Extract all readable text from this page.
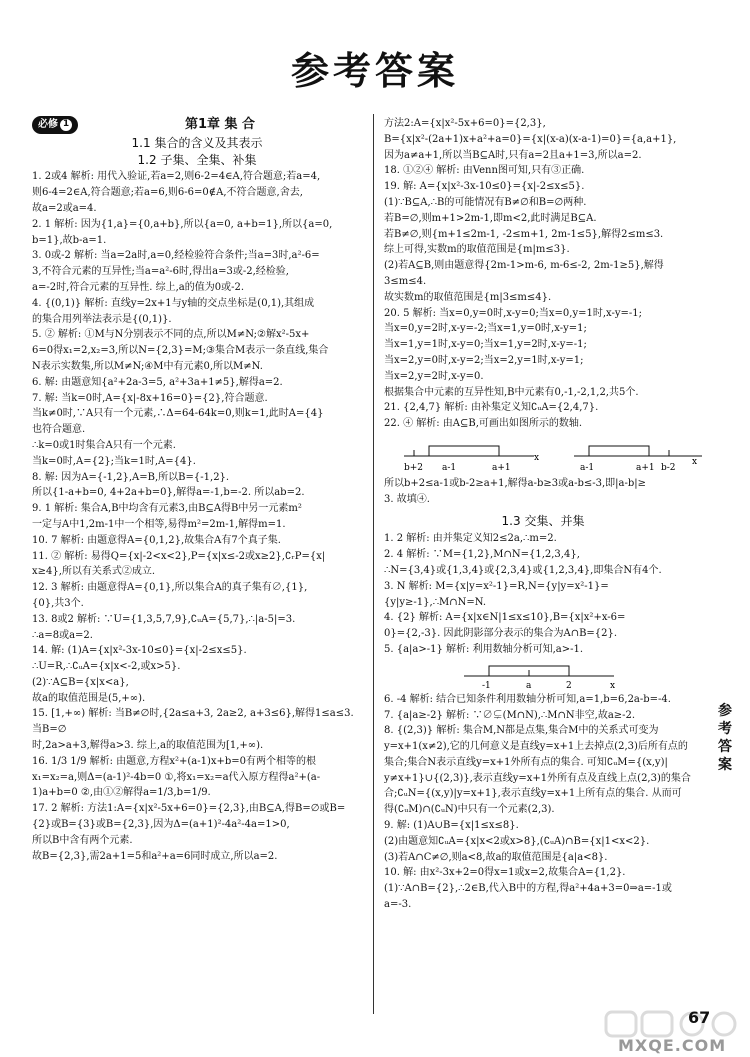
参考答案
必修 1	第1章 集 合
1.1 集合的含义及其表示
1.2 子集、全集、补集

1. 2或4 解析: 用代入验证,若a=2,则6-2=4∈A,符合题意;若a=4,

则6-4=2∈A,符合题意;若a=6,则6-6=0∉A,不符合题意,舍去,

故a=2或a=4.

2. 1 解析: 因为{1,a}={0,a+b},所以{a=0, a+b=1},所以{a=0, b=1},故b-a=1.

3. 0或-2 解析: 当a=2a时,a=0,经检验符合条件;当a=3时,a²-6=

3,不符合元素的互异性;当a=a²-6时,得出a=3或-2,经检验,

a=-2时,符合元素的互异性. 综上,a的值为0或-2.

4. {(0,1)} 解析: 直线y=2x+1与y轴的交点坐标是(0,1),其组成

的集合用列举法表示是{(0,1)}.

5. ② 解析: ①M与N分别表示不同的点,所以M≠N;②解x²-5x+

6=0得x₁=2,x₂=3,所以N={2,3}=M;③集合M表示一条直线,集合

N表示实数集,所以M≠N;④M中有元素0,所以M≠N.

6. 解: 由题意知{a²+2a-3=5, a²+3a+1≠5},解得a=2.

7. 解: 当k=0时,A={x|-8x+16=0}={2},符合题意.

当k≠0时,∵A只有一个元素,∴Δ=64-64k=0,则k=1,此时A={4}

也符合题意.

∴k=0或1时集合A只有一个元素.

当k=0时,A={2};当k=1时,A={4}.

8. 解: 因为A={-1,2},A=B,所以B={-1,2}.

所以{1-a+b=0, 4+2a+b=0},解得a=-1,b=-2. 所以ab=2.

9. 1 解析: 集合A,B中均含有元素3,由B⊆A得B中另一元素m²

一定与A中1,2m-1中一个相等,易得m²=2m-1,解得m=1.

10. 7 解析: 由题意得A={0,1,2},故集合A有7个真子集.

11. ② 解析: 易得Q={x|-2<x<2},P={x|x≤-2或x≥2},∁ᵣP={x|

x≥4},所以有关系式②成立.

12. 3 解析: 由题意得A={0,1},所以集合A的真子集有∅,{1},

{0},共3个.

13. 8或2 解析: ∵U={1,3,5,7,9},∁ᵤA={5,7},∴|a-5|=3.

∴a=8或a=2.

14. 解: (1)A={x|x²-3x-10≤0}={x|-2≤x≤5}.

∴U=R,∴∁ᵤA={x|x<-2,或x>5}.

(2)∵A⊆B={x|x<a},

故a的取值范围是(5,+∞).

15. [1,+∞) 解析: 当B≠∅时,{2a≤a+3, 2a≥2, a+3≤6},解得1≤a≤3. 当B=∅

时,2a>a+3,解得a>3. 综上,a的取值范围为[1,+∞).

16. 1/3 1/9 解析: 由题意,方程x²+(a-1)x+b=0有两个相等的根

x₁=x₂=a,则Δ=(a-1)²-4b=0 ①,将x₁=x₂=a代入原方程得a²+(a-

1)a+b=0 ②,由①②解得a=1/3,b=1/9.

17. 2 解析: 方法1:A={x|x²-5x+6=0}={2,3},由B⊆A,得B=∅或B=

{2}或B={3}或B={2,3},因为Δ=(a+1)²-4a²-4a=1>0,

所以B中含有两个元素.

故B={2,3},需2a+1=5和a²+a=6同时成立,所以a=2.

方法2:A={x|x²-5x+6=0}={2,3},

B={x|x²-(2a+1)x+a²+a=0}={x|(x-a)(x-a-1)=0}={a,a+1},

因为a≠a+1,所以当B⊆A时,只有a=2且a+1=3,所以a=2.

18. ①②④ 解析: 由Venn图可知,只有③正确.

19. 解: A={x|x²-3x-10≤0}={x|-2≤x≤5}.

(1)∵B⊆A,∴B的可能情况有B≠∅和B=∅两种.

若B=∅,则m+1>2m-1,即m<2,此时满足B⊆A.

若B≠∅,则{m+1≤2m-1, -2≤m+1, 2m-1≤5},解得2≤m≤3.

综上可得,实数m的取值范围是{m|m≤3}.

(2)若A⊆B,则由题意得{2m-1>m-6, m-6≤-2, 2m-1≥5},解得3≤m≤4.

故实数m的取值范围是{m|3≤m≤4}.

20. 5 解析: 当x=0,y=0时,x-y=0;当x=0,y=1时,x-y=-1;

当x=0,y=2时,x-y=-2;当x=1,y=0时,x-y=1;

当x=1,y=1时,x-y=0;当x=1,y=2时,x-y=-1;

当x=2,y=0时,x-y=2;当x=2,y=1时,x-y=1;

当x=2,y=2时,x-y=0.

根据集合中元素的互异性知,B中元素有0,-1,-2,1,2,共5个.

21. {2,4,7} 解析: 由补集定义知∁ᵤA={2,4,7}.

22. ④ 解析: 由A⊆B,可画出如图所示的数轴.

b+2 a-1	a+1
x
a-1	a+1 b-2
x

所以b+2≤a-1或b-2≥a+1,解得a-b≥3或a-b≤-3,即|a-b|≥

3. 故填④.

1.3 交集、并集

1. 2 解析: 由并集定义知2≤2a,∴m=2.

2. 4 解析: ∵M={1,2},M∩N={1,2,3,4},

∴N={3,4}或{1,3,4}或{2,3,4}或{1,2,3,4},即集合N有4个.

3. N 解析: M={x|y=x²-1}=R,N={y|y=x²-1}={y|y≥-1},∴M∩N=N.

4. {2} 解析: A={x|x∈N|1≤x≤10},B={x|x²+x-6=

0}={2,-3}. 因此阴影部分表示的集合为A∩B={2}.

5. {a|a>-1} 解析: 利用数轴分析可知,a>-1.

-1	a	2	x

6. -4 解析: 结合已知条件利用数轴分析可知,a=1,b=6,2a-b=-4.

7. {a|a≥-2} 解析: ∵∅⊊(M∩N),∴M∩N非空,故a≥-2.

8. {(2,3)} 解析: 集合M,N都是点集,集合M中的关系式可变为

y=x+1(x≠2),它的几何意义是直线y=x+1上去掉点(2,3)后所有点的

集合;集合N表示直线y=x+1外所有点的集合. 可知∁ᵤM={(x,y)|

y≠x+1}∪{(2,3)},表示直线y=x+1外所有点及直线上点(2,3)的集合

合;∁ᵤN={(x,y)|y=x+1},表示直线y=x+1上所有点的集合. 从而可

得(∁ᵤM)∩(∁ᵤN)中只有一个元素(2,3).

9. 解: (1)A∪B={x|1≤x≤8}.

(2)由题意知∁ᵤA={x|x<2或x>8},(∁ᵤA)∩B={x|1<x<2}.

(3)若A∩C≠∅,则a<8,故a的取值范围是{a|a<8}.

10. 解: 由x²-3x+2=0得x=1或x=2,故集合A={1,2}.

(1)∵A∩B={2},∴2∈B,代入B中的方程,得a²+4a+3=0⇒a=-1或

a=-3.

参考答案
MXQE.COM
67
